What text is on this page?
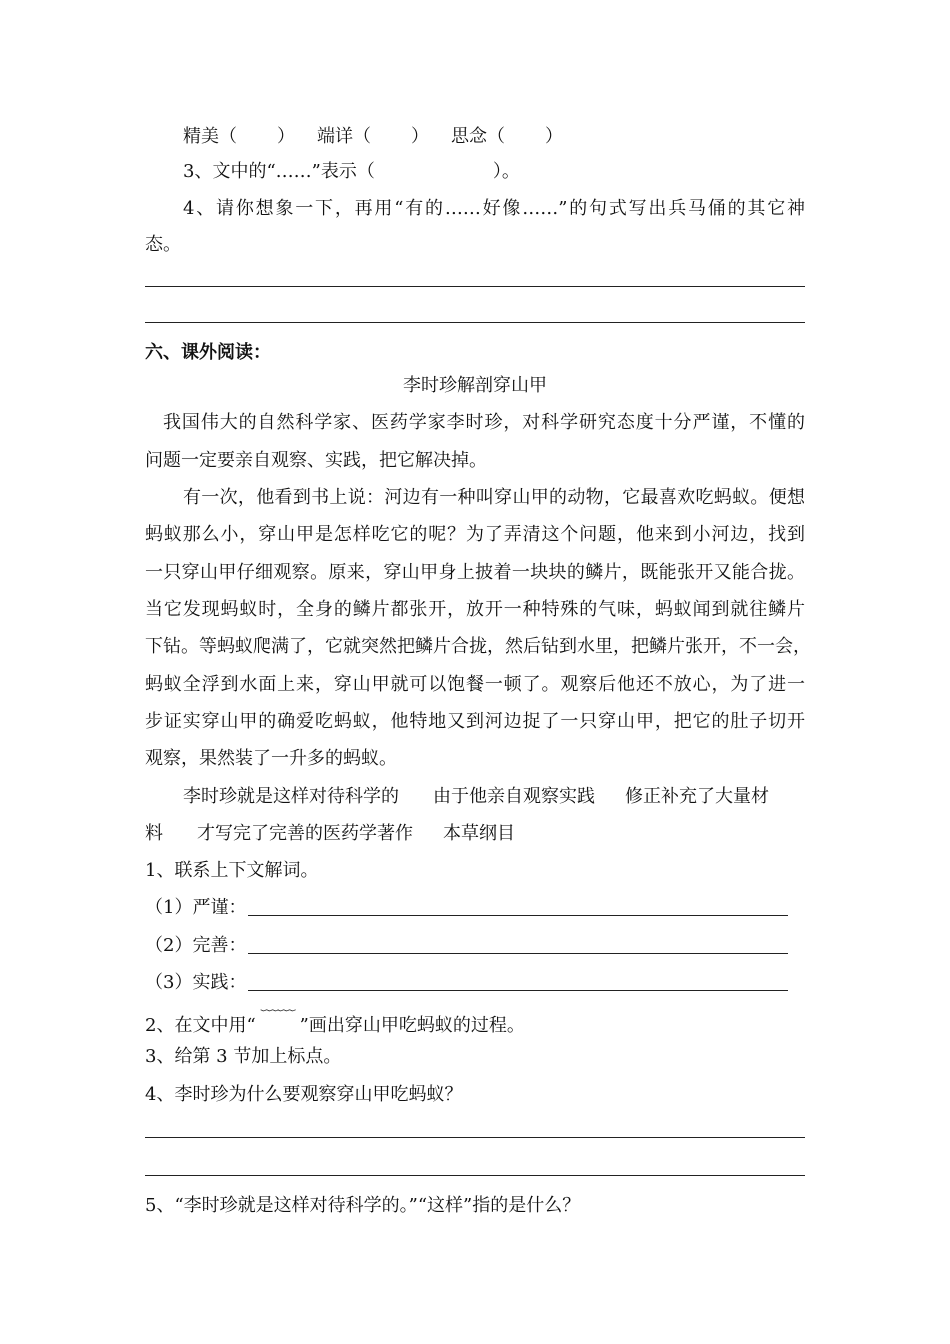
精美（ ） 端详（ ） 思念（ ）
3、文中的“……”表示（	）。
4、请你想象一下，再用“有的……好像……”的句式写出兵马俑的其它神
态。
六、课外阅读：
李时珍解剖穿山甲
我国伟大的自然科学家、医药学家李时珍，对科学研究态度十分严谨，不懂的
问题一定要亲自观察、实践，把它解决掉。
有一次，他看到书上说：河边有一种叫穿山甲的动物，它最喜欢吃蚂蚁。便想
蚂蚁那么小，穿山甲是怎样吃它的呢？为了弄清这个问题，他来到小河边，找到
一只穿山甲仔细观察。原来，穿山甲身上披着一块块的鳞片，既能张开又能合拢。
当它发现蚂蚁时，全身的鳞片都张开，放开一种特殊的气味，蚂蚁闻到就往鳞片
下钻。等蚂蚁爬满了，它就突然把鳞片合拢，然后钻到水里，把鳞片张开，不一会，
蚂蚁全浮到水面上来，穿山甲就可以饱餐一顿了。观察后他还不放心，为了进一
步证实穿山甲的确爱吃蚂蚁，他特地又到河边捉了一只穿山甲，把它的肚子切开
观察，果然装了一升多的蚂蚁。
李时珍就是这样对待科学的 由于他亲自观察实践 修正补充了大量材
料 才写完了完善的医药学著作 本草纲目
1、联系上下文解词。
（1）严谨：
（2）完善：
（3）实践：
2、在文中用“ ﹋﹋ ”画出穿山甲吃蚂蚁的过程。
3、给第 3 节加上标点。
4、李时珍为什么要观察穿山甲吃蚂蚁？
5、“李时珍就是这样对待科学的。”“这样”指的是什么？
